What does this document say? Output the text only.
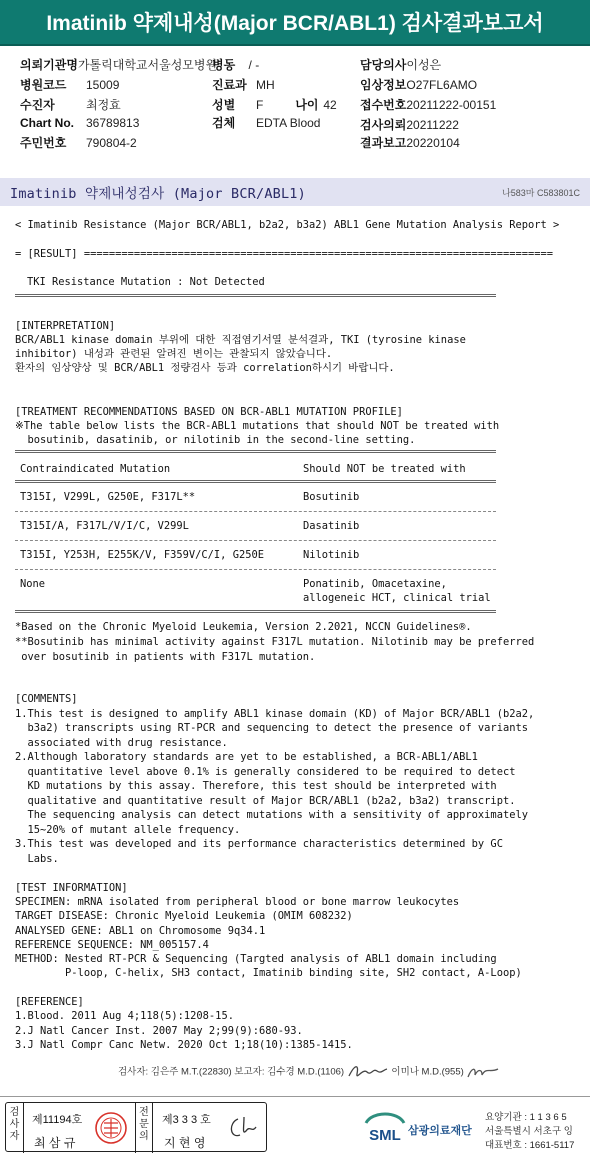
Imatinib 약제내성(Major BCR/ABL1) 검사결과보고서
의뢰기관명가톨릭대학교서울성모병원
병동 / -	담당의사이성은
병원코드 15009	진료과 MH	임상정보O27FL6AMO
수진자	최정효	성별 F	나이 42 접수번호20211222-00151
Chart No. 36789813	검체 EDTA Blood	검사의뢰20211222
주민번호 790804-2	결과보고20220104
Imatinib 약제내성검사 (Major BCR/ABL1)	나583마 C583801C
< Imatinib Resistance (Major BCR/ABL1, b2a2, b3a2) ABL1 Gene Mutation Analysis Report >
= [RESULT] ===========================================================================
TKI Resistance Mutation : Not Detected
[INTERPRETATION]
BCR/ABL1 kinase domain 부위에 대한 직접염기서열 분석결과, TKI (tyrosine kinase
inhibitor) 내성과 관련된 알려진 변이는 관찰되지 않았습니다.
환자의 임상양상 및 BCR/ABL1 정량검사 등과 correlation하시기 바랍니다.
[TREATMENT RECOMMENDATIONS BASED ON BCR-ABL1 MUTATION PROFILE]
※The table below lists the BCR-ABL1 mutations that should NOT be treated with
bosutinib, dasatinib, or nilotinib in the second-line setting.
Contraindicated Mutation	Should NOT be treated with
T315I, V299L, G250E, F317L**	Bosutinib
T315I/A, F317L/V/I/C, V299L	Dasatinib
T315I, Y253H, E255K/V, F359V/C/I, G250E	Nilotinib
None	Ponatinib, Omacetaxine,
allogeneic HCT, clinical trial
*Based on the Chronic Myeloid Leukemia, Version 2.2021, NCCN Guidelines®.
**Bosutinib has minimal activity against F317L mutation. Nilotinib may be preferred
over bosutinib in patients with F317L mutation.
[COMMENTS]
1.This test is designed to amplify ABL1 kinase domain (KD) of Major BCR/ABL1 (b2a2,
b3a2) transcripts using RT-PCR and sequencing to detect the presence of variants
associated with drug resistance.
2.Although laboratory standards are yet to be established, a BCR-ABL1/ABL1
quantitative level above 0.1% is generally considered to be required to detect
KD mutations by this assay. Therefore, this test should be interpreted with
qualitative and quantitative result of Major BCR/ABL1 (b2a2, b3a2) transcript.
The sequencing analysis can detect mutations with a sensitivity of approximately
15~20% of mutant allele frequency.
3.This test was developed and its performance characteristics determined by GC
Labs.
[TEST INFORMATION]
SPECIMEN: mRNA isolated from peripheral blood or bone marrow leukocytes
TARGET DISEASE: Chronic Myeloid Leukemia (OMIM 608232)
ANALYSED GENE: ABL1 on Chromosome 9q34.1
REFERENCE SEQUENCE: NM_005157.4
METHOD: Nested RT-PCR & Sequencing (Targted analysis of ABL1 domain including
P-loop, C-helix, SH3 contact, Imatinib binding site, SH2 contact, A-Loop)
[REFERENCE]
1.Blood. 2011 Aug 4;118(5):1208-15.
2.J Natl Cancer Inst. 2007 May 2;99(9):680-93.
3.J Natl Compr Canc Netw. 2020 Oct 1;18(10):1385-1415.
검사자: 김은주 M.T.(22830) 보고자: 김수경 M.D.(1106)	이미나 M.D.(955)
검사자
제11194호
최 삼 규
전문의
제3 3 3 호
지 현 영	SML 삼광의료재단
요양기관 : 1 1 3 6 5
서울특별시 서초구 잉
대표번호 : 1661-5117
